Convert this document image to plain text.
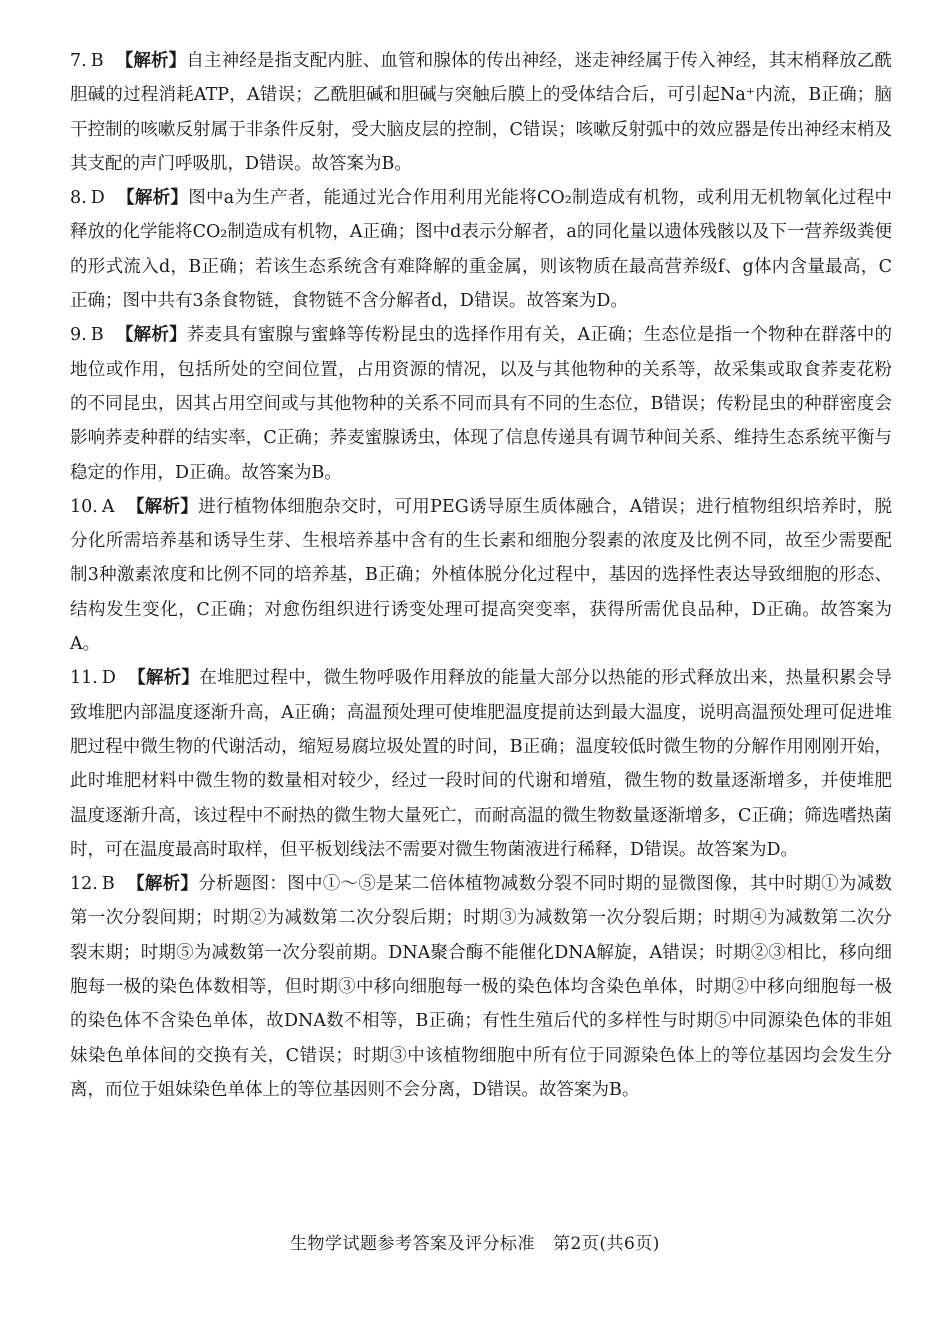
7. B 【解析】自主神经是指支配内脏、血管和腺体的传出神经，迷走神经属于传入神经，其末梢释放乙酰胆碱的过程消耗ATP，A错误；乙酰胆碱和胆碱与突触后膜上的受体结合后，可引起Na⁺内流，B正确；脑干控制的咳嗽反射属于非条件反射，受大脑皮层的控制，C错误；咳嗽反射弧中的效应器是传出神经末梢及其支配的声门呼吸肌，D错误。故答案为B。

8. D 【解析】图中a为生产者，能通过光合作用利用光能将CO₂制造成有机物，或利用无机物氧化过程中释放的化学能将CO₂制造成有机物，A正确；图中d表示分解者，a的同化量以遗体残骸以及下一营养级粪便的形式流入d，B正确；若该生态系统含有难降解的重金属，则该物质在最高营养级f、g体内含量最高，C正确；图中共有3条食物链，食物链不含分解者d，D错误。故答案为D。

9. B 【解析】荞麦具有蜜腺与蜜蜂等传粉昆虫的选择作用有关，A正确；生态位是指一个物种在群落中的地位或作用，包括所处的空间位置，占用资源的情况，以及与其他物种的关系等，故采集或取食荞麦花粉的不同昆虫，因其占用空间或与其他物种的关系不同而具有不同的生态位，B错误；传粉昆虫的种群密度会影响荞麦种群的结实率，C正确；荞麦蜜腺诱虫，体现了信息传递具有调节种间关系、维持生态系统平衡与稳定的作用，D正确。故答案为B。

10. A 【解析】进行植物体细胞杂交时，可用PEG诱导原生质体融合，A错误；进行植物组织培养时，脱分化所需培养基和诱导生芽、生根培养基中含有的生长素和细胞分裂素的浓度及比例不同，故至少需要配制3种激素浓度和比例不同的培养基，B正确；外植体脱分化过程中，基因的选择性表达导致细胞的形态、结构发生变化，C正确；对愈伤组织进行诱变处理可提高突变率，获得所需优良品种，D正确。故答案为A。

11. D 【解析】在堆肥过程中，微生物呼吸作用释放的能量大部分以热能的形式释放出来，热量积累会导致堆肥内部温度逐渐升高，A正确；高温预处理可使堆肥温度提前达到最大温度，说明高温预处理可促进堆肥过程中微生物的代谢活动，缩短易腐垃圾处置的时间，B正确；温度较低时微生物的分解作用刚刚开始，此时堆肥材料中微生物的数量相对较少，经过一段时间的代谢和增殖，微生物的数量逐渐增多，并使堆肥温度逐渐升高，该过程中不耐热的微生物大量死亡，而耐高温的微生物数量逐渐增多，C正确；筛选嗜热菌时，可在温度最高时取样，但平板划线法不需要对微生物菌液进行稀释，D错误。故答案为D。

12. B 【解析】分析题图：图中①～⑤是某二倍体植物减数分裂不同时期的显微图像，其中时期①为减数第一次分裂间期；时期②为减数第二次分裂后期；时期③为减数第一次分裂后期；时期④为减数第二次分裂末期；时期⑤为减数第一次分裂前期。DNA聚合酶不能催化DNA解旋，A错误；时期②③相比，移向细胞每一极的染色体数相等，但时期③中移向细胞每一极的染色体均含染色单体，时期②中移向细胞每一极的染色体不含染色单体，故DNA数不相等，B正确；有性生殖后代的多样性与时期⑤中同源染色体的非姐妹染色单体间的交换有关，C错误；时期③中该植物细胞中所有位于同源染色体上的等位基因均会发生分离，而位于姐妹染色单体上的等位基因则不会分离，D错误。故答案为B。

生物学试题参考答案及评分标准 第2页(共6页)
